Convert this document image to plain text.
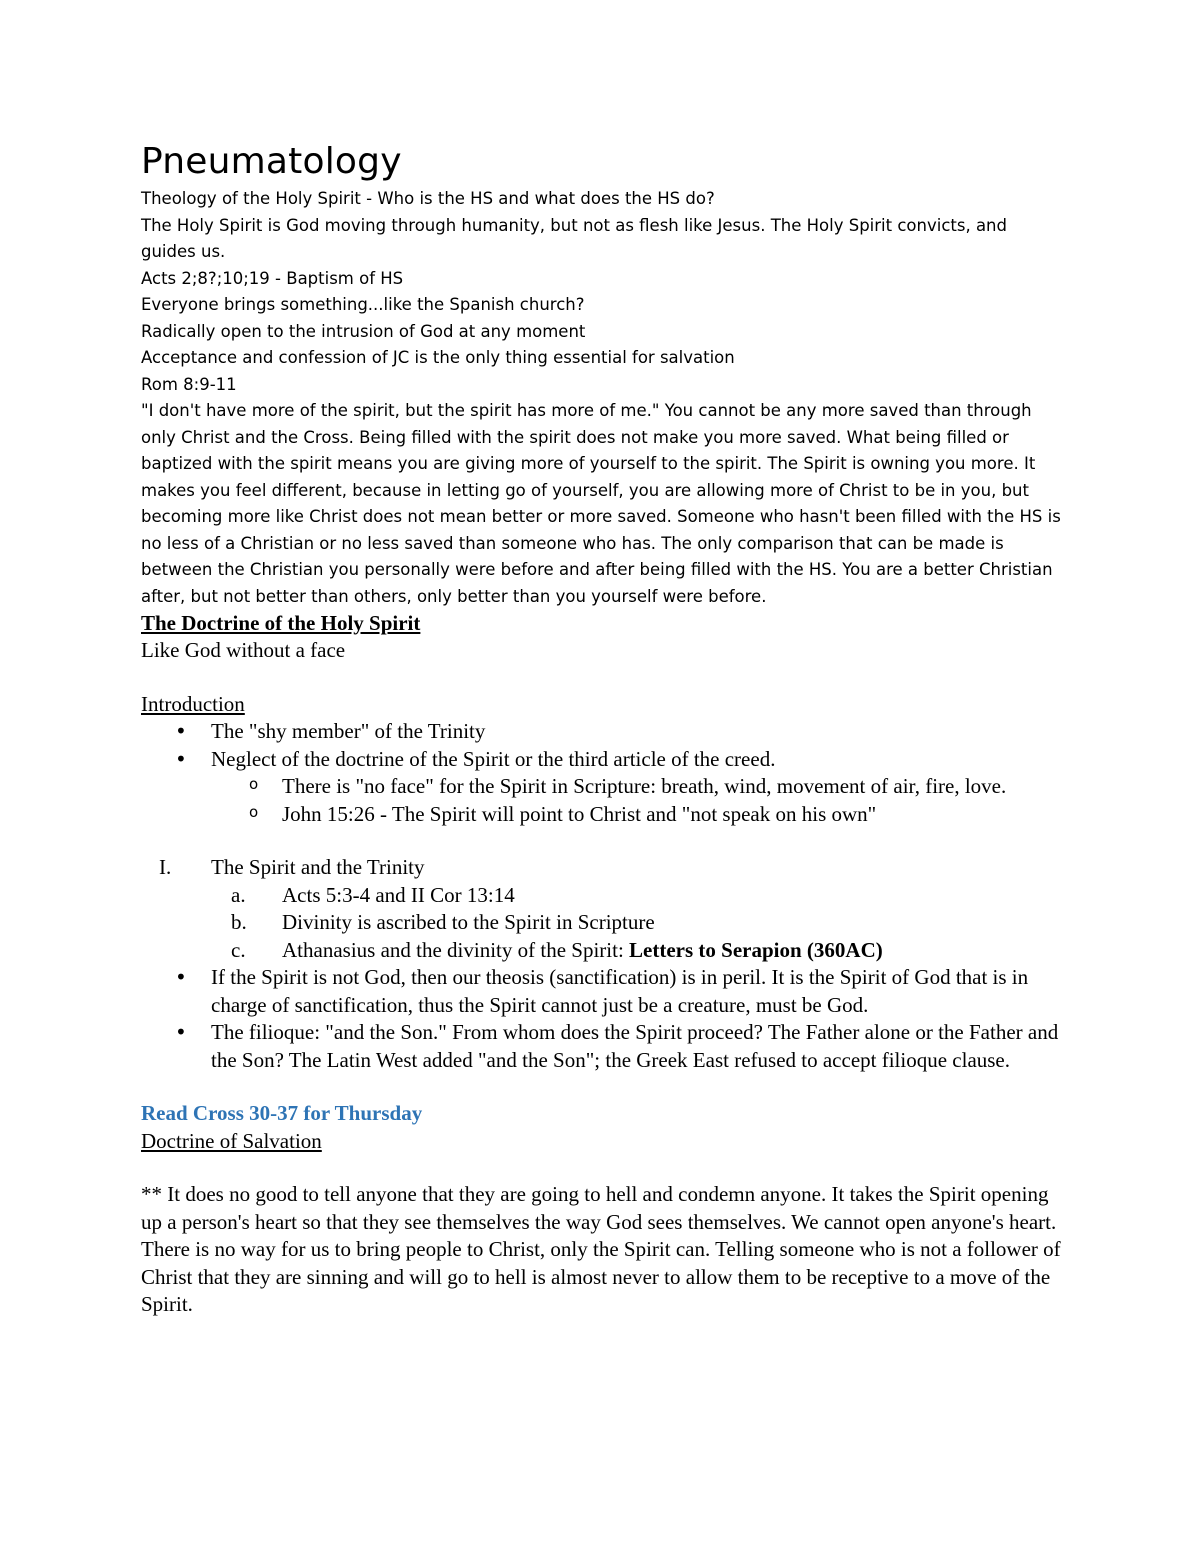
Pneumatology

Theology of the Holy Spirit - Who is the HS and what does the HS do?

The Holy Spirit is God moving through humanity, but not as flesh like Jesus. The Holy Spirit convicts, and guides us.

Acts 2;8?;10;19 - Baptism of HS

Everyone brings something...like the Spanish church?

Radically open to the intrusion of God at any moment

Acceptance and confession of JC is the only thing essential for salvation

Rom 8:9-11

"I don't have more of the spirit, but the spirit has more of me." You cannot be any more saved than through only Christ and the Cross. Being filled with the spirit does not make you more saved. What being filled or baptized with the spirit means you are giving more of yourself to the spirit. The Spirit is owning you more. It makes you feel different, because in letting go of yourself, you are allowing more of Christ to be in you, but becoming more like Christ does not mean better or more saved. Someone who hasn't been filled with the HS is no less of a Christian or no less saved than someone who has. The only comparison that can be made is between the Christian you personally were before and after being filled with the HS. You are a better Christian after, but not better than others, only better than you yourself were before.

The Doctrine of the Holy Spirit

Like God without a face

Introduction

• The "shy member" of the Trinity
• Neglect of the doctrine of the Spirit or the third article of the creed.
o There is "no face" for the Spirit in Scripture: breath, wind, movement of air, fire, love.
o John 15:26 - The Spirit will point to Christ and "not speak on his own"
I. The Spirit and the Trinity
a. Acts 5:3-4 and II Cor 13:14
b. Divinity is ascribed to the Spirit in Scripture
c. Athanasius and the divinity of the Spirit: Letters to Serapion (360AC)
• If the Spirit is not God, then our theosis (sanctification) is in peril. It is the Spirit of God that is in charge of sanctification, thus the Spirit cannot just be a creature, must be God.
• The filioque: "and the Son." From whom does the Spirit proceed? The Father alone or the Father and the Son? The Latin West added "and the Son"; the Greek East refused to accept filioque clause.

Read Cross 30-37 for Thursday

Doctrine of Salvation

** It does no good to tell anyone that they are going to hell and condemn anyone. It takes the Spirit opening up a person's heart so that they see themselves the way God sees themselves. We cannot open anyone's heart. There is no way for us to bring people to Christ, only the Spirit can. Telling someone who is not a follower of Christ that they are sinning and will go to hell is almost never to allow them to be receptive to a move of the Spirit.
